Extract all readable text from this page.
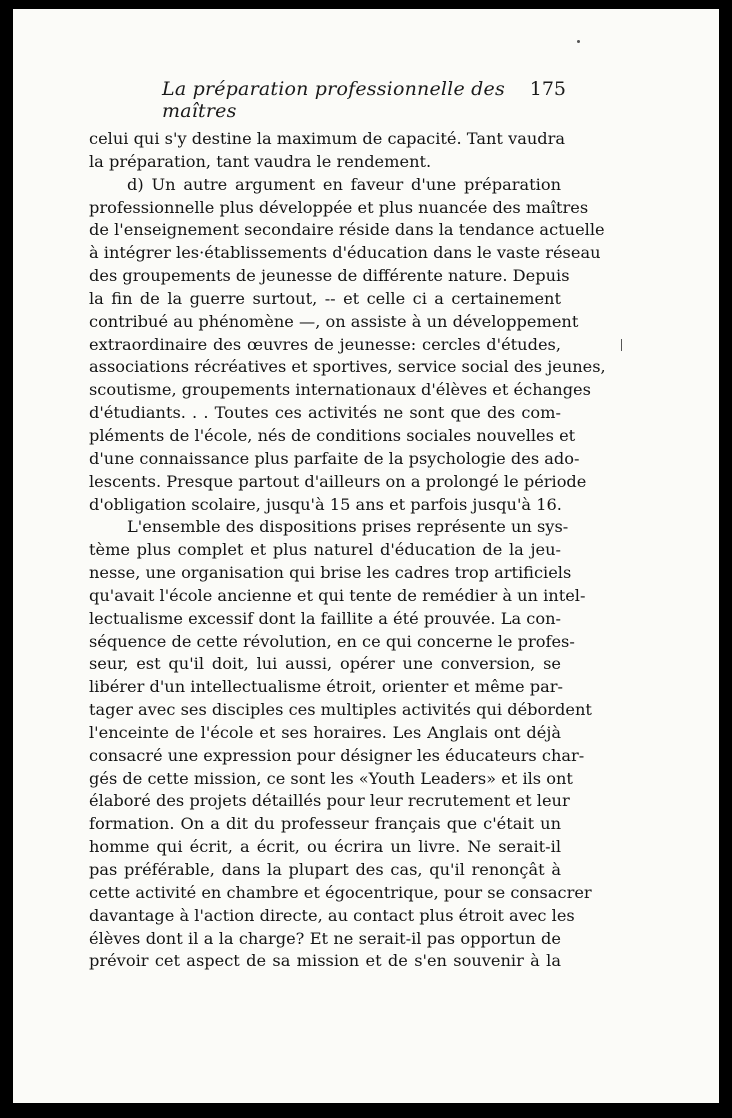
La préparation professionnelle des maîtres
175
celui qui s'y destine la maximum de capacité. Tant vaudra
la préparation, tant vaudra le rendement.
d) Un autre argument en faveur d'une préparation
professionnelle plus développée et plus nuancée des maîtres
de l'enseignement secondaire réside dans la tendance actuelle
à intégrer les·établissements d'éducation dans le vaste réseau
des groupements de jeunesse de différente nature. Depuis
la fin de la guerre surtout, -- et celle ci a certainement
contribué au phénomène —, on assiste à un développement
extraordinaire des œuvres de jeunesse: cercles d'études,
associations récréatives et sportives, service social des jeunes,
scoutisme, groupements internationaux d'élèves et échanges
d'étudiants. . . Toutes ces activités ne sont que des com-
pléments de l'école, nés de conditions sociales nouvelles et
d'une connaissance plus parfaite de la psychologie des ado-
lescents. Presque partout d'ailleurs on a prolongé le période
d'obligation scolaire, jusqu'à 15 ans et parfois jusqu'à 16.
L'ensemble des dispositions prises représente un sys-
tème plus complet et plus naturel d'éducation de la jeu-
nesse, une organisation qui brise les cadres trop artificiels
qu'avait l'école ancienne et qui tente de remédier à un intel-
lectualisme excessif dont la faillite a été prouvée. La con-
séquence de cette révolution, en ce qui concerne le profes-
seur, est qu'il doit, lui aussi, opérer une conversion, se
libérer d'un intellectualisme étroit, orienter et même par-
tager avec ses disciples ces multiples activités qui débordent
l'enceinte de l'école et ses horaires. Les Anglais ont déjà
consacré une expression pour désigner les éducateurs char-
gés de cette mission, ce sont les «Youth Leaders» et ils ont
élaboré des projets détaillés pour leur recrutement et leur
formation. On a dit du professeur français que c'était un
homme qui écrit, a écrit, ou écrira un livre. Ne serait-il
pas préférable, dans la plupart des cas, qu'il renonçât à
cette activité en chambre et égocentrique, pour se consacrer
davantage à l'action directe, au contact plus étroit avec les
élèves dont il a la charge? Et ne serait-il pas opportun de
prévoir cet aspect de sa mission et de s'en souvenir à la
